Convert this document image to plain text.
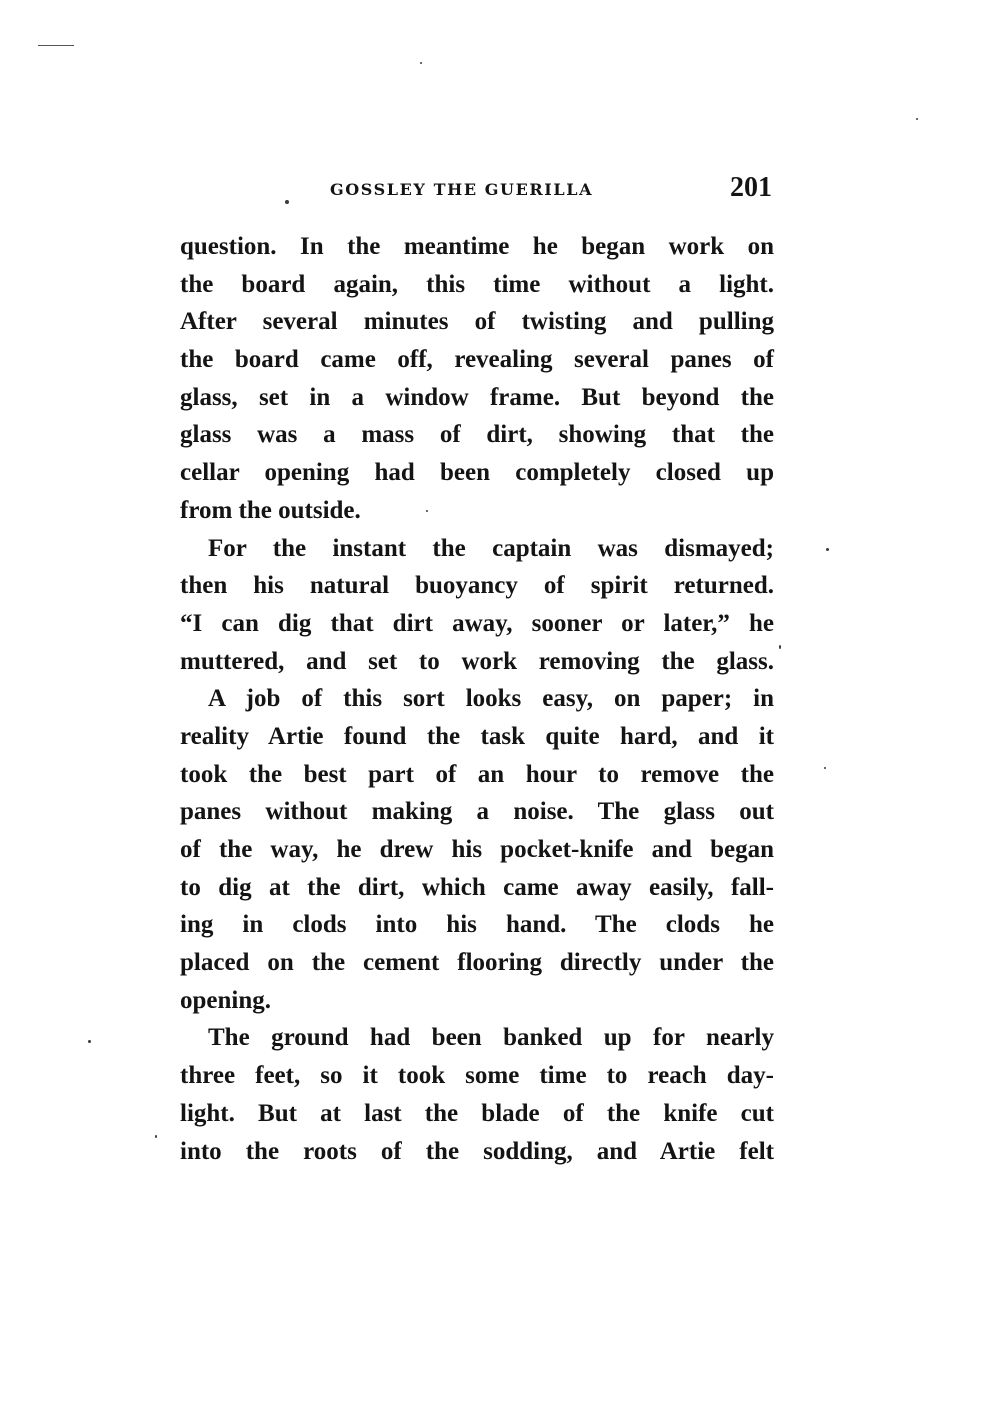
GOSSLEY THE GUERILLA	201
question. In the meantime he began work on
the board again, this time without a light.
After several minutes of twisting and pulling
the board came off, revealing several panes of
glass, set in a window frame. But beyond the
glass was a mass of dirt, showing that the
cellar opening had been completely closed up
from the outside.
For the instant the captain was dismayed;
then his natural buoyancy of spirit returned.
“I can dig that dirt away, sooner or later,” he
muttered, and set to work removing the glass.
A job of this sort looks easy, on paper; in
reality Artie found the task quite hard, and it
took the best part of an hour to remove the
panes without making a noise. The glass out
of the way, he drew his pocket-knife and began
to dig at the dirt, which came away easily, fall-
ing in clods into his hand. The clods he
placed on the cement flooring directly under the
opening.
The ground had been banked up for nearly
three feet, so it took some time to reach day-
light. But at last the blade of the knife cut
into the roots of the sodding, and Artie felt
